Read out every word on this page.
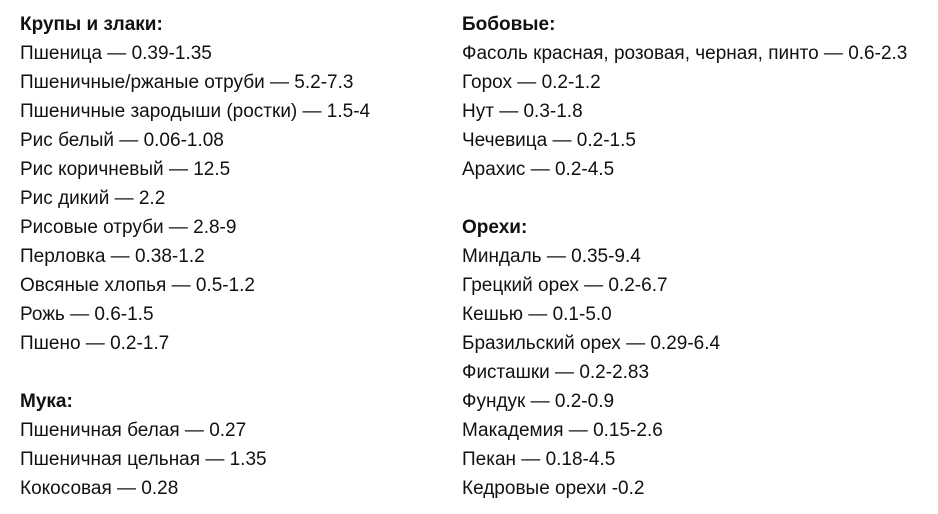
Крупы и злаки:
Пшеница — 0.39-1.35
Пшеничные/ржаные отруби — 5.2-7.3
Пшеничные зародыши (ростки) — 1.5-4
Рис белый — 0.06-1.08
Рис коричневый — 12.5
Рис дикий — 2.2
Рисовые отруби — 2.8-9
Перловка — 0.38-1.2
Овсяные хлопья — 0.5-1.2
Рожь — 0.6-1.5
Пшено — 0.2-1.7
Мука:
Пшеничная белая — 0.27
Пшеничная цельная — 1.35
Кокосовая — 0.28
Бобовые:
Фасоль красная, розовая, черная, пинто — 0.6-2.3
Горох — 0.2-1.2
Нут — 0.3-1.8
Чечевица — 0.2-1.5
Арахис — 0.2-4.5
Орехи:
Миндаль — 0.35-9.4
Грецкий орех — 0.2-6.7
Кешью — 0.1-5.0
Бразильский орех — 0.29-6.4
Фисташки — 0.2-2.83
Фундук — 0.2-0.9
Макадемия — 0.15-2.6
Пекан — 0.18-4.5
Кедровые орехи -0.2
